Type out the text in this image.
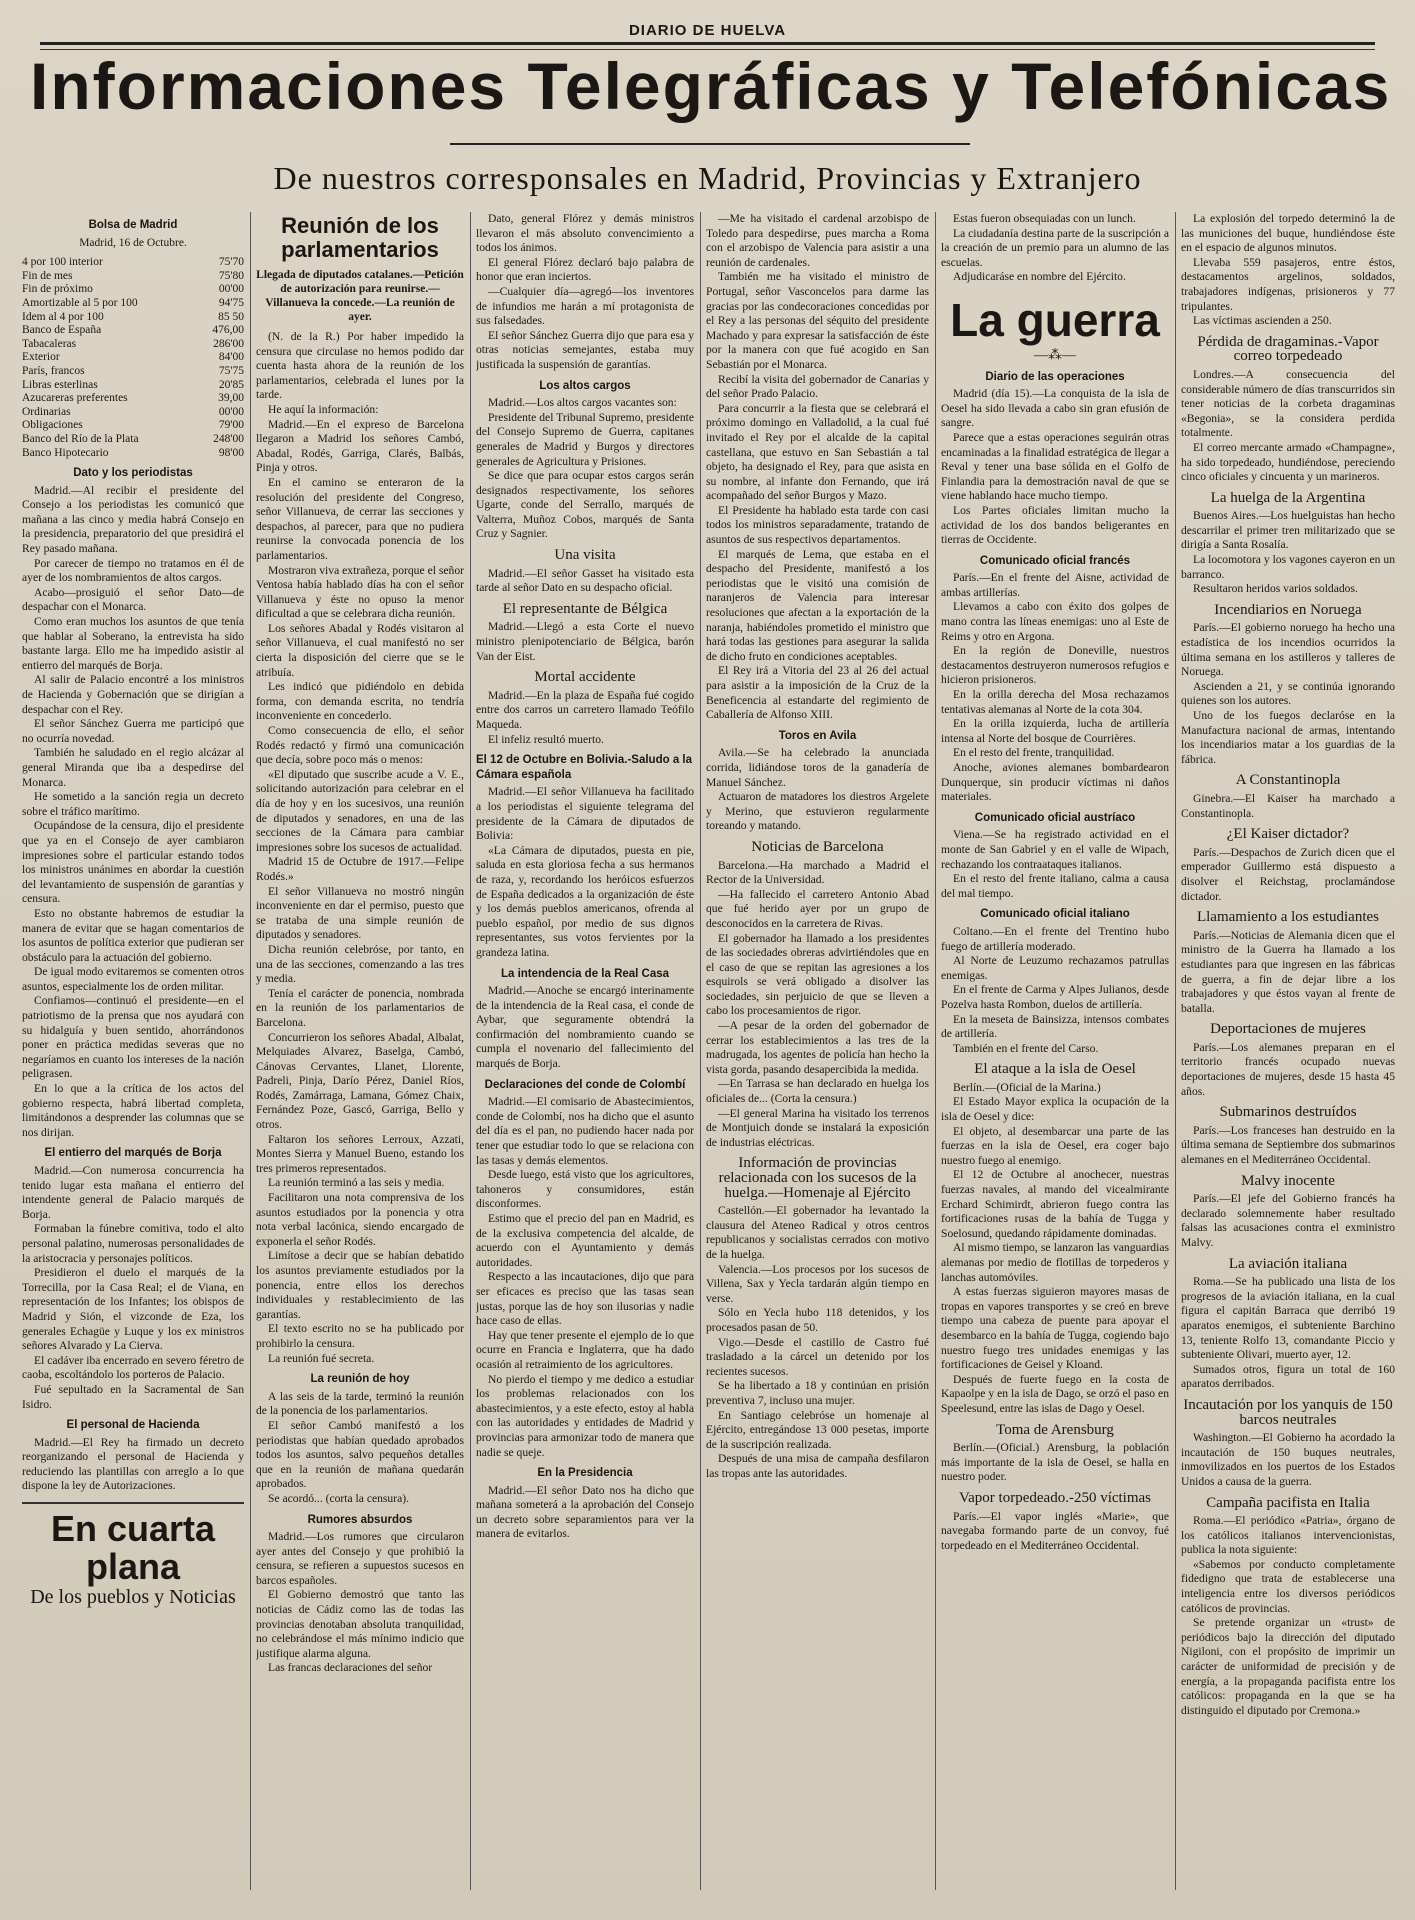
DIARIO DE HUELVA
Informaciones Telegráficas y Telefónicas
De nuestros corresponsales en Madrid, Provincias y Extranjero
Bolsa de Madrid
Madrid, 16 de Octubre.
4 por 100 interior	75'70
Fin de mes	75'80
Fin de próximo	00'00
Amortizable al 5 por 100	94'75
Idem al 4 por 100	85 50
Banco de España	476,00
Tabacaleras	286'00
Exterior	84'00
París, francos	75'75
Libras esterlinas	20'85
Azucareras preferentes	39,00
Ordinarias	00'00
Obligaciones	79'00
Banco del Río de la Plata	248'00
Banco Hipotecario	98'00
Dato y los periodistas

Madrid.—Al recibir el presidente del Consejo a los periodistas les comunicó que mañana a las cinco y media habrá Consejo en la presidencia, preparatorio del que presidirá el Rey pasado mañana.

Por carecer de tiempo no tratamos en él de ayer de los nombramientos de altos cargos.

Acabo—prosiguió el señor Dato—de despachar con el Monarca.

Como eran muchos los asuntos de que tenía que hablar al Soberano, la entrevista ha sido bastante larga. Ello me ha impedido asistir al entierro del marqués de Borja.

Al salir de Palacio encontré a los ministros de Hacienda y Gobernación que se dirigían a despachar con el Rey.

El señor Sánchez Guerra me participó que no ocurría novedad.

También he saludado en el regio alcázar al general Miranda que iba a despedirse del Monarca.

He sometido a la sanción regia un decreto sobre el tráfico marítimo.

Ocupándose de la censura, dijo el presidente que ya en el Consejo de ayer cambiaron impresiones sobre el particular estando todos los ministros unánimes en abordar la cuestión del levantamiento de suspensión de garantías y censura.

Esto no obstante habremos de estudiar la manera de evitar que se hagan comentarios de los asuntos de política exterior que pudieran ser obstáculo para la actuación del gobierno.

De igual modo evitaremos se comenten otros asuntos, especialmente los de orden militar.

Confiamos—continuó el presidente—en el patriotismo de la prensa que nos ayudará con su hidalguía y buen sentido, ahorrándonos poner en práctica medidas severas que no negaríamos en cuanto los intereses de la nación peligrasen.

En lo que a la crítica de los actos del gobierno respecta, habrá libertad completa, limitándonos a desprender las columnas que se nos dirijan.

El entierro del marqués de Borja

Madrid.—Con numerosa concurrencia ha tenido lugar esta mañana el entierro del intendente general de Palacio marqués de Borja.

Formaban la fúnebre comitiva, todo el alto personal palatino, numerosas personalidades de la aristocracia y personajes políticos.

Presidieron el duelo el marqués de la Torrecilla, por la Casa Real; el de Viana, en representación de los Infantes; los obispos de Madrid y Sión, el vizconde de Eza, los generales Echagüe y Luque y los ex ministros señores Alvarado y La Cierva.

El cadáver iba encerrado en severo féretro de caoba, escoltándolo los porteros de Palacio.

Fué sepultado en la Sacramental de San Isidro.

El personal de Hacienda

Madrid.—El Rey ha firmado un decreto reorganizando el personal de Hacienda y reduciendo las plantillas con arreglo a lo que dispone la ley de Autorizaciones.

En cuarta plana
De los pueblos y Noticias
Reunión de los parlamentarios
Llegada de diputados catalanes.—Petición de autorización para reunirse.—Villanueva la concede.—La reunión de ayer.

(N. de la R.) Por haber impedido la censura que circulase no hemos podido dar cuenta hasta ahora de la reunión de los parlamentarios, celebrada el lunes por la tarde.

He aquí la información:

Madrid.—En el expreso de Barcelona llegaron a Madrid los señores Cambó, Abadal, Rodés, Garriga, Clarés, Balbás, Pinja y otros.

En el camino se enteraron de la resolución del presidente del Congreso, señor Villanueva, de cerrar las secciones y despachos, al parecer, para que no pudiera reunirse la convocada ponencia de los parlamentarios.

Mostraron viva extrañeza, porque el señor Ventosa había hablado días ha con el señor Villanueva y éste no opuso la menor dificultad a que se celebrara dicha reunión.

Los señores Abadal y Rodés visitaron al señor Villanueva, el cual manifestó no ser cierta la disposición del cierre que se le atribuía.

Les indicó que pidiéndolo en debida forma, con demanda escrita, no tendría inconveniente en concederlo.

Como consecuencia de ello, el señor Rodés redactó y firmó una comunicación que decía, sobre poco más o menos:

«El diputado que suscribe acude a V. E., solicitando autorización para celebrar en el día de hoy y en los sucesivos, una reunión de diputados y senadores, en una de las secciones de la Cámara para cambiar impresiones sobre los sucesos de actualidad.

Madrid 15 de Octubre de 1917.—Felipe Rodés.»

El señor Villanueva no mostró ningún inconveniente en dar el permiso, puesto que se trataba de una simple reunión de diputados y senadores.

Dicha reunión celebróse, por tanto, en una de las secciones, comenzando a las tres y media.

Tenía el carácter de ponencia, nombrada en la reunión de los parlamentarios de Barcelona.

Concurrieron los señores Abadal, Albalat, Melquiades Alvarez, Baselga, Cambó, Cánovas Cervantes, Llanet, Llorente, Padreli, Pinja, Darío Pérez, Daniel Ríos, Rodés, Zamárraga, Lamana, Gómez Chaix, Fernández Poze, Gascó, Garriga, Bello y otros.

Faltaron los señores Lerroux, Azzati, Montes Sierra y Manuel Bueno, estando los tres primeros representados.

La reunión terminó a las seis y media.

Facilitaron una nota comprensiva de los asuntos estudiados por la ponencia y otra nota verbal lacónica, siendo encargado de exponerla el señor Rodés.

Limítose a decir que se habían debatido los asuntos previamente estudiados por la ponencia, entre ellos los derechos individuales y restablecimiento de las garantías.

El texto escrito no se ha publicado por prohibirlo la censura.

La reunión fué secreta.

La reunión de hoy

A las seis de la tarde, terminó la reunión de la ponencia de los parlamentarios.

El señor Cambó manifestó a los periodistas que habían quedado aprobados todos los asuntos, salvo pequeños detalles que en la reunión de mañana quedarán aprobados.

Se acordó... (corta la censura).

Rumores absurdos

Madrid.—Los rumores que circularon ayer antes del Consejo y que prohibió la censura, se refieren a supuestos sucesos en barcos españoles.

El Gobierno demostró que tanto las noticias de Cádiz como las de todas las provincias denotaban absoluta tranquilidad, no celebrándose el más mínimo indicio que justifique alarma alguna.

Las francas declaraciones del señor

Dato, general Flórez y demás ministros llevaron el más absoluto convencimiento a todos los ánimos.

El general Flórez declaró bajo palabra de honor que eran inciertos.

—Cualquier día—agregó—los inventores de infundios me harán a mí protagonista de sus falsedades.

El señor Sánchez Guerra dijo que para esa y otras noticias semejantes, estaba muy justificada la suspensión de garantías.

Los altos cargos

Madrid.—Los altos cargos vacantes son:

Presidente del Tribunal Supremo, presidente del Consejo Supremo de Guerra, capitanes generales de Madrid y Burgos y directores generales de Agricultura y Prisiones.

Se dice que para ocupar estos cargos serán designados respectivamente, los señores Ugarte, conde del Serrallo, marqués de Valterra, Muñoz Cobos, marqués de Santa Cruz y Sagnier.

Una visita

Madrid.—El señor Gasset ha visitado esta tarde al señor Dato en su despacho oficial.

El representante de Bélgica

Madrid.—Llegó a esta Corte el nuevo ministro plenipotenciario de Bélgica, barón Van der Eist.

Mortal accidente

Madrid.—En la plaza de España fué cogido entre dos carros un carretero llamado Teófilo Maqueda.

El infeliz resultó muerto.

El 12 de Octubre en Bolivia.-Saludo a la Cámara española

Madrid.—El señor Villanueva ha facilitado a los periodistas el siguiente telegrama del presidente de la Cámara de diputados de Bolivia:

«La Cámara de diputados, puesta en pie, saluda en esta gloriosa fecha a sus hermanos de raza, y, recordando los heróicos esfuerzos de España dedicados a la organización de éste y los demás pueblos americanos, ofrenda al pueblo español, por medio de sus dignos representantes, sus votos fervientes por la grandeza latina.

La intendencia de la Real Casa

Madrid.—Anoche se encargó interinamente de la intendencia de la Real casa, el conde de Aybar, que seguramente obtendrá la confirmación del nombramiento cuando se cumpla el novenario del fallecimiento del marqués de Borja.

Declaraciones del conde de Colombí

Madrid.—El comisario de Abastecimientos, conde de Colombí, nos ha dicho que el asunto del día es el pan, no pudiendo hacer nada por tener que estudiar todo lo que se relaciona con las tasas y demás elementos.

Desde luego, está visto que los agricultores, tahoneros y consumidores, están disconformes.

Estimo que el precio del pan en Madrid, es de la exclusiva competencia del alcalde, de acuerdo con el Ayuntamiento y demás autoridades.

Respecto a las incautaciones, dijo que para ser eficaces es preciso que las tasas sean justas, porque las de hoy son ilusorias y nadie hace caso de ellas.

Hay que tener presente el ejemplo de lo que ocurre en Francia e Inglaterra, que ha dado ocasión al retraimiento de los agricultores.

No pierdo el tiempo y me dedico a estudiar los problemas relacionados con los abastecimientos, y a este efecto, estoy al habla con las autoridades y entidades de Madrid y provincias para armonizar todo de manera que nadie se queje.

En la Presidencia

Madrid.—El señor Dato nos ha dicho que mañana someterá a la aprobación del Consejo un decreto sobre separamientos para ver la manera de evitarlos.

—Me ha visitado el cardenal arzobispo de Toledo para despedirse, pues marcha a Roma con el arzobispo de Valencia para asistir a una reunión de cardenales.

También me ha visitado el ministro de Portugal, señor Vasconcelos para darme las gracias por las condecoraciones concedidas por el Rey a las personas del séquito del presidente Machado y para expresar la satisfacción de éste por la manera con que fué acogido en San Sebastián por el Monarca.

Recibí la visita del gobernador de Canarias y del señor Prado Palacio.

Para concurrir a la fiesta que se celebrará el próximo domingo en Valladolid, a la cual fué invitado el Rey por el alcalde de la capital castellana, que estuvo en San Sebastián a tal objeto, ha designado el Rey, para que asista en su nombre, al infante don Fernando, que irá acompañado del señor Burgos y Mazo.

El Presidente ha hablado esta tarde con casi todos los ministros separadamente, tratando de asuntos de sus respectivos departamentos.

El marqués de Lema, que estaba en el despacho del Presidente, manifestó a los periodistas que le visitó una comisión de naranjeros de Valencia para interesar resoluciones que afectan a la exportación de la naranja, habiéndoles prometido el ministro que hará todas las gestiones para asegurar la salida de dicho fruto en condiciones aceptables.

El Rey irá a Vitoria del 23 al 26 del actual para asistir a la imposición de la Cruz de la Beneficencia al estandarte del regimiento de Caballería de Alfonso XIII.

Toros en Avila

Avila.—Se ha celebrado la anunciada corrida, lidiándose toros de la ganadería de Manuel Sánchez.

Actuaron de matadores los diestros Argelete y Merino, que estuvieron regularmente toreando y matando.

Noticias de Barcelona

Barcelona.—Ha marchado a Madrid el Rector de la Universidad.

—Ha fallecido el carretero Antonio Abad que fué herido ayer por un grupo de desconocidos en la carretera de Rivas.

El gobernador ha llamado a los presidentes de las sociedades obreras advirtiéndoles que en el caso de que se repitan las agresiones a los esquirols se verá obligado a disolver las sociedades, sin perjuicio de que se lleven a cabo los procesamientos de rigor.

—A pesar de la orden del gobernador de cerrar los establecimientos a las tres de la madrugada, los agentes de policía han hecho la vista gorda, pasando desapercibida la medida.

—En Tarrasa se han declarado en huelga los oficiales de... (Corta la censura.)

—El general Marina ha visitado los terrenos de Montjuich donde se instalará la exposición de industrias eléctricas.

Información de provincias relacionada con los sucesos de la huelga.—Homenaje al Ejército

Castellón.—El gobernador ha levantado la clausura del Ateneo Radical y otros centros republicanos y socialistas cerrados con motivo de la huelga.

Valencia.—Los procesos por los sucesos de Villena, Sax y Yecla tardarán algún tiempo en verse.

Sólo en Yecla hubo 118 detenidos, y los procesados pasan de 50.

Vigo.—Desde el castillo de Castro fué trasladado a la cárcel un detenido por los recientes sucesos.

Se ha libertado a 18 y continúan en prisión preventiva 7, incluso una mujer.

En Santiago celebróse un homenaje al Ejército, entregándose 13 000 pesetas, importe de la suscripción realizada.

Después de una misa de campaña desfilaron las tropas ante las autoridades.

Estas fueron obsequiadas con un lunch.

La ciudadanía destina parte de la suscripción a la creación de un premio para un alumno de las escuelas.

Adjudicaráse en nombre del Ejército.

La guerra
―⁂―
Diario de las operaciones

Madrid (día 15).—La conquista de la isla de Oesel ha sido llevada a cabo sin gran efusión de sangre.

Parece que a estas operaciones seguirán otras encaminadas a la finalidad estratégica de llegar a Reval y tener una base sólida en el Golfo de Finlandia para la demostración naval de que se viene hablando hace mucho tiempo.

Los Partes oficiales limitan mucho la actividad de los dos bandos beligerantes en tierras de Occidente.

Comunicado oficial francés

París.—En el frente del Aisne, actividad de ambas artillerías.

Llevamos a cabo con éxito dos golpes de mano contra las líneas enemigas: uno al Este de Reims y otro en Argona.

En la región de Doneville, nuestros destacamentos destruyeron numerosos refugios e hicieron prisioneros.

En la orilla derecha del Mosa rechazamos tentativas alemanas al Norte de la cota 304.

En la orilla izquierda, lucha de artillería intensa al Norte del bosque de Courrières.

En el resto del frente, tranquilidad.

Anoche, aviones alemanes bombardearon Dunquerque, sin producir víctimas ni daños materiales.

Comunicado oficial austríaco

Viena.—Se ha registrado actividad en el monte de San Gabriel y en el valle de Wipach, rechazando los contraataques italianos.

En el resto del frente italiano, calma a causa del mal tiempo.

Comunicado oficial italiano

Coltano.—En el frente del Trentino hubo fuego de artillería moderado.

Al Norte de Leuzumo rechazamos patrullas enemigas.

En el frente de Carma y Alpes Julianos, desde Pozelva hasta Rombon, duelos de artillería.

En la meseta de Bainsizza, intensos combates de artillería.

También en el frente del Carso.

El ataque a la isla de Oesel

Berlín.—(Oficial de la Marina.)

El Estado Mayor explica la ocupación de la isla de Oesel y dice:

El objeto, al desembarcar una parte de las fuerzas en la isla de Oesel, era coger bajo nuestro fuego al enemigo.

El 12 de Octubre al anochecer, nuestras fuerzas navales, al mando del vicealmirante Erchard Schimirdt, abrieron fuego contra las fortificaciones rusas de la bahía de Tugga y Soelosund, quedando rápidamente dominadas.

Al mismo tiempo, se lanzaron las vanguardias alemanas por medio de flotillas de torpederos y lanchas automóviles.

A estas fuerzas siguieron mayores masas de tropas en vapores transportes y se creó en breve tiempo una cabeza de puente para apoyar el desembarco en la bahía de Tugga, cogiendo bajo nuestro fuego tres unidades enemigas y las fortificaciones de Geisel y Kloand.

Después de fuerte fuego en la costa de Kapaolpe y en la isla de Dago, se orzó el paso en Speelesund, entre las islas de Dago y Oesel.

Toma de Arensburg

Berlín.—(Oficial.) Arensburg, la población más importante de la isla de Oesel, se halla en nuestro poder.

Vapor torpedeado.-250 víctimas

París.—El vapor inglés «Marie», que navegaba formando parte de un convoy, fué torpedeado en el Mediterráneo Occidental.

La explosión del torpedo determinó la de las municiones del buque, hundiéndose éste en el espacio de algunos minutos.

Llevaba 559 pasajeros, entre éstos, destacamentos argelinos, soldados, trabajadores indígenas, prisioneros y 77 tripulantes.

Las víctimas ascienden a 250.

Pérdida de dragaminas.-Vapor correo torpedeado

Londres.—A consecuencia del considerable número de días transcurridos sin tener noticias de la corbeta dragaminas «Begonia», se la considera perdida totalmente.

El correo mercante armado «Champagne», ha sido torpedeado, hundiéndose, pereciendo cinco oficiales y cincuenta y un marineros.

La huelga de la Argentina

Buenos Aires.—Los huelguistas han hecho descarrilar el primer tren militarizado que se dirigía a Santa Rosalía.

La locomotora y los vagones cayeron en un barranco.

Resultaron heridos varios soldados.

Incendiarios en Noruega

París.—El gobierno noruego ha hecho una estadística de los incendios ocurridos la última semana en los astilleros y talleres de Noruega.

Ascienden a 21, y se continúa ignorando quienes son los autores.

Uno de los fuegos declaróse en la Manufactura nacional de armas, intentando los incendiarios matar a los guardias de la fábrica.

A Constantinopla

Ginebra.—El Kaiser ha marchado a Constantinopla.

¿El Kaiser dictador?

París.—Despachos de Zurich dicen que el emperador Guillermo está dispuesto a disolver el Reichstag, proclamándose dictador.

Llamamiento a los estudiantes

París.—Noticias de Alemania dicen que el ministro de la Guerra ha llamado a los estudiantes para que ingresen en las fábricas de guerra, a fin de dejar libre a los trabajadores y que éstos vayan al frente de batalla.

Deportaciones de mujeres

París.—Los alemanes preparan en el territorio francés ocupado nuevas deportaciones de mujeres, desde 15 hasta 45 años.

Submarinos destruídos

París.—Los franceses han destruido en la última semana de Septiembre dos submarinos alemanes en el Mediterráneo Occidental.

Malvy inocente

París.—El jefe del Gobierno francés ha declarado solemnemente haber resultado falsas las acusaciones contra el exministro Malvy.

La aviación italiana

Roma.—Se ha publicado una lista de los progresos de la aviación italiana, en la cual figura el capitán Barraca que derribó 19 aparatos enemigos, el subteniente Barchino 13, teniente Rolfo 13, comandante Piccio y subteniente Olivari, muerto ayer, 12.

Sumados otros, figura un total de 160 aparatos derribados.

Incautación por los yanquis de 150 barcos neutrales

Washington.—El Gobierno ha acordado la incautación de 150 buques neutrales, inmovilizados en los puertos de los Estados Unidos a causa de la guerra.

Campaña pacifista en Italia

Roma.—El periódico «Patria», órgano de los católicos italianos intervencionistas, publica la nota siguiente:

«Sabemos por conducto completamente fidedigno que trata de establecerse una inteligencia entre los diversos periódicos católicos de provincias.

Se pretende organizar un «trust» de periódicos bajo la dirección del diputado Nigiloni, con el propósito de imprimir un carácter de uniformidad de precisión y de energía, a la propaganda pacifista entre los católicos: propaganda en la que se ha distinguido el diputado por Cremona.»
